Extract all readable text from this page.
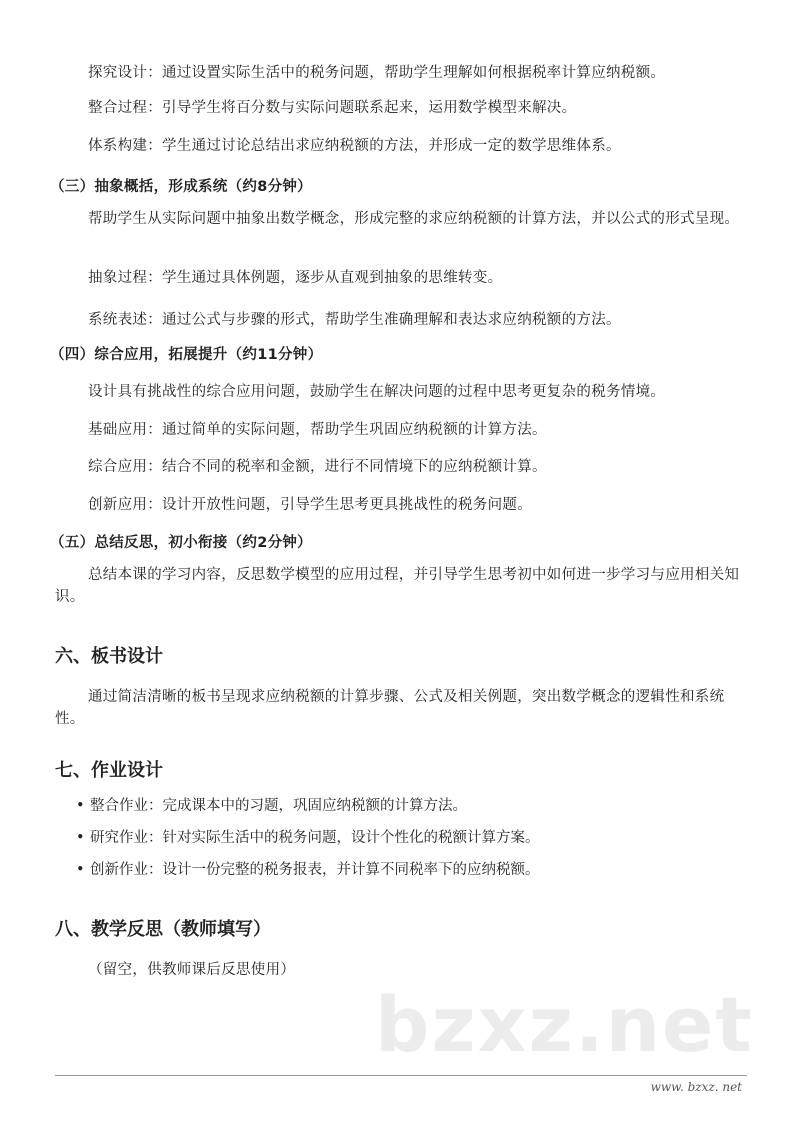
探究设计：通过设置实际生活中的税务问题，帮助学生理解如何根据税率计算应纳税额。
整合过程：引导学生将百分数与实际问题联系起来，运用数学模型来解决。
体系构建：学生通过讨论总结出求应纳税额的方法，并形成一定的数学思维体系。
（三）抽象概括，形成系统（约8分钟）
帮助学生从实际问题中抽象出数学概念，形成完整的求应纳税额的计算方法，并以公式的形式呈现。
抽象过程：学生通过具体例题，逐步从直观到抽象的思维转变。
系统表述：通过公式与步骤的形式，帮助学生准确理解和表达求应纳税额的方法。
（四）综合应用，拓展提升（约11分钟）
设计具有挑战性的综合应用问题，鼓励学生在解决问题的过程中思考更复杂的税务情境。
基础应用：通过简单的实际问题，帮助学生巩固应纳税额的计算方法。
综合应用：结合不同的税率和金额，进行不同情境下的应纳税额计算。
创新应用：设计开放性问题，引导学生思考更具挑战性的税务问题。
（五）总结反思，初小衔接（约2分钟）
总结本课的学习内容，反思数学模型的应用过程，并引导学生思考初中如何进一步学习与应用相关知识。
六、板书设计
通过简洁清晰的板书呈现求应纳税额的计算步骤、公式及相关例题，突出数学概念的逻辑性和系统性。
七、作业设计
• 整合作业：完成课本中的习题，巩固应纳税额的计算方法。
• 研究作业：针对实际生活中的税务问题，设计个性化的税额计算方案。
• 创新作业：设计一份完整的税务报表，并计算不同税率下的应纳税额。
八、教学反思（教师填写）
（留空，供教师课后反思使用）
bzxz.net
www. bzxz. net
